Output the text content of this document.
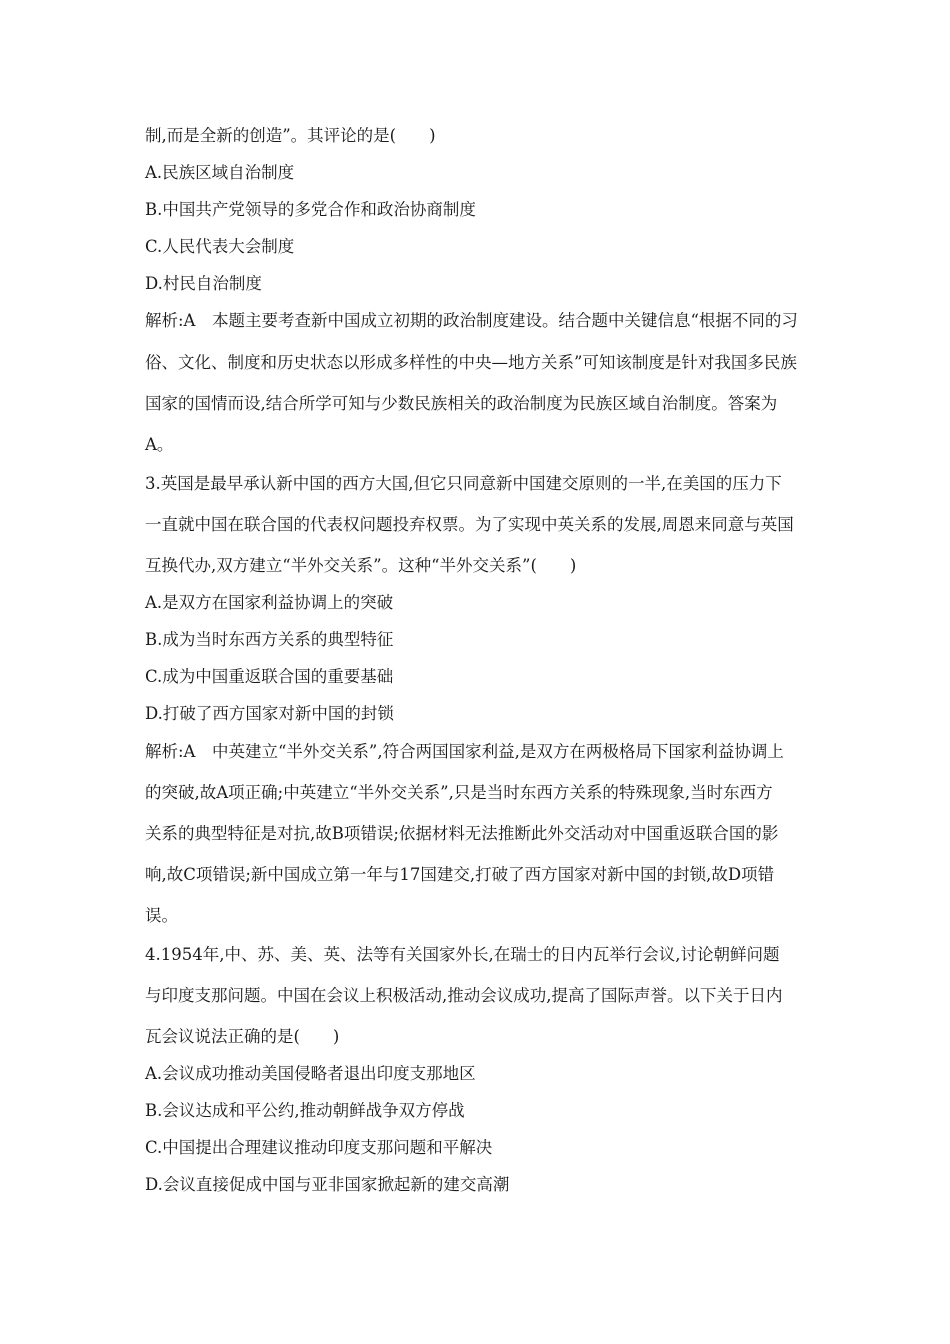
制,而是全新的创造”。其评论的是(　　)
A.民族区域自治制度
B.中国共产党领导的多党合作和政治协商制度
C.人民代表大会制度
D.村民自治制度
解析:A　本题主要考查新中国成立初期的政治制度建设。结合题中关键信息“根据不同的习
俗、文化、制度和历史状态以形成多样性的中央—地方关系”可知该制度是针对我国多民族
国家的国情而设,结合所学可知与少数民族相关的政治制度为民族区域自治制度。答案为
A。
3.英国是最早承认新中国的西方大国,但它只同意新中国建交原则的一半,在美国的压力下
一直就中国在联合国的代表权问题投弃权票。为了实现中英关系的发展,周恩来同意与英国
互换代办,双方建立“半外交关系”。这种“半外交关系”(　　)
A.是双方在国家利益协调上的突破
B.成为当时东西方关系的典型特征
C.成为中国重返联合国的重要基础
D.打破了西方国家对新中国的封锁
解析:A　中英建立“半外交关系”,符合两国国家利益,是双方在两极格局下国家利益协调上
的突破,故A项正确;中英建立“半外交关系”,只是当时东西方关系的特殊现象,当时东西方
关系的典型特征是对抗,故B项错误;依据材料无法推断此外交活动对中国重返联合国的影
响,故C项错误;新中国成立第一年与17国建交,打破了西方国家对新中国的封锁,故D项错
误。
4.1954年,中、苏、美、英、法等有关国家外长,在瑞士的日内瓦举行会议,讨论朝鲜问题
与印度支那问题。中国在会议上积极活动,推动会议成功,提高了国际声誉。以下关于日内
瓦会议说法正确的是(　　)
A.会议成功推动美国侵略者退出印度支那地区
B.会议达成和平公约,推动朝鲜战争双方停战
C.中国提出合理建议推动印度支那问题和平解决
D.会议直接促成中国与亚非国家掀起新的建交高潮
